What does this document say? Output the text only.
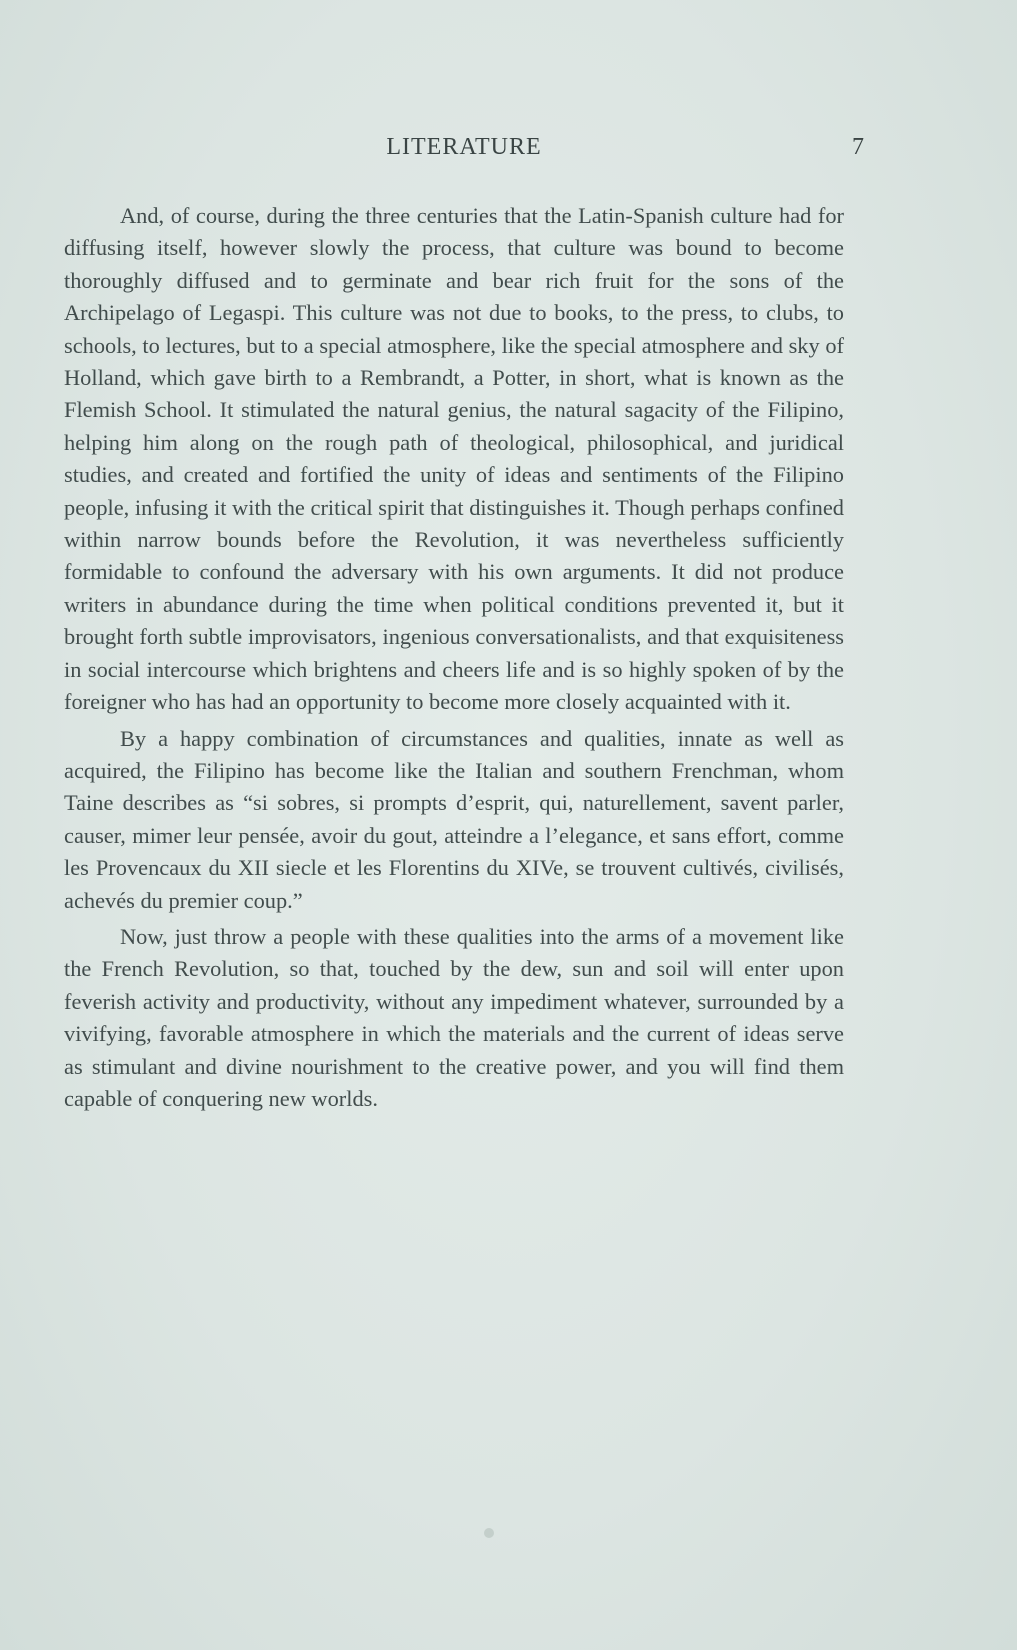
LITERATURE	7

And, of course, during the three centuries that the Latin-Spanish culture had for diffusing itself, however slowly the process, that culture was bound to become thoroughly diffused and to germinate and bear rich fruit for the sons of the Archipelago of Legaspi. This culture was not due to books, to the press, to clubs, to schools, to lectures, but to a special atmosphere, like the special atmosphere and sky of Holland, which gave birth to a Rembrandt, a Potter, in short, what is known as the Flemish School. It stimulated the natural genius, the natural sagacity of the Filipino, helping him along on the rough path of theological, philosophical, and juridical studies, and created and fortified the unity of ideas and sentiments of the Filipino people, infusing it with the critical spirit that distinguishes it. Though perhaps confined within narrow bounds before the Revolution, it was nevertheless sufficiently formidable to confound the adversary with his own arguments. It did not produce writers in abundance during the time when political conditions prevented it, but it brought forth subtle improvisators, ingenious conversationalists, and that exquisiteness in social intercourse which brightens and cheers life and is so highly spoken of by the foreigner who has had an opportunity to become more closely acquainted with it.

By a happy combination of circumstances and qualities, innate as well as acquired, the Filipino has become like the Italian and southern Frenchman, whom Taine describes as “si sobres, si prompts d’esprit, qui, naturellement, savent parler, causer, mimer leur pensée, avoir du gout, atteindre a l’elegance, et sans effort, comme les Provencaux du XII siecle et les Florentins du XIVe, se trouvent cultivés, civilisés, achevés du premier coup.”

Now, just throw a people with these qualities into the arms of a movement like the French Revolution, so that, touched by the dew, sun and soil will enter upon feverish activity and productivity, without any impediment whatever, surrounded by a vivifying, favorable atmosphere in which the materials and the current of ideas serve as stimulant and divine nourishment to the creative power, and you will find them capable of conquering new worlds.
